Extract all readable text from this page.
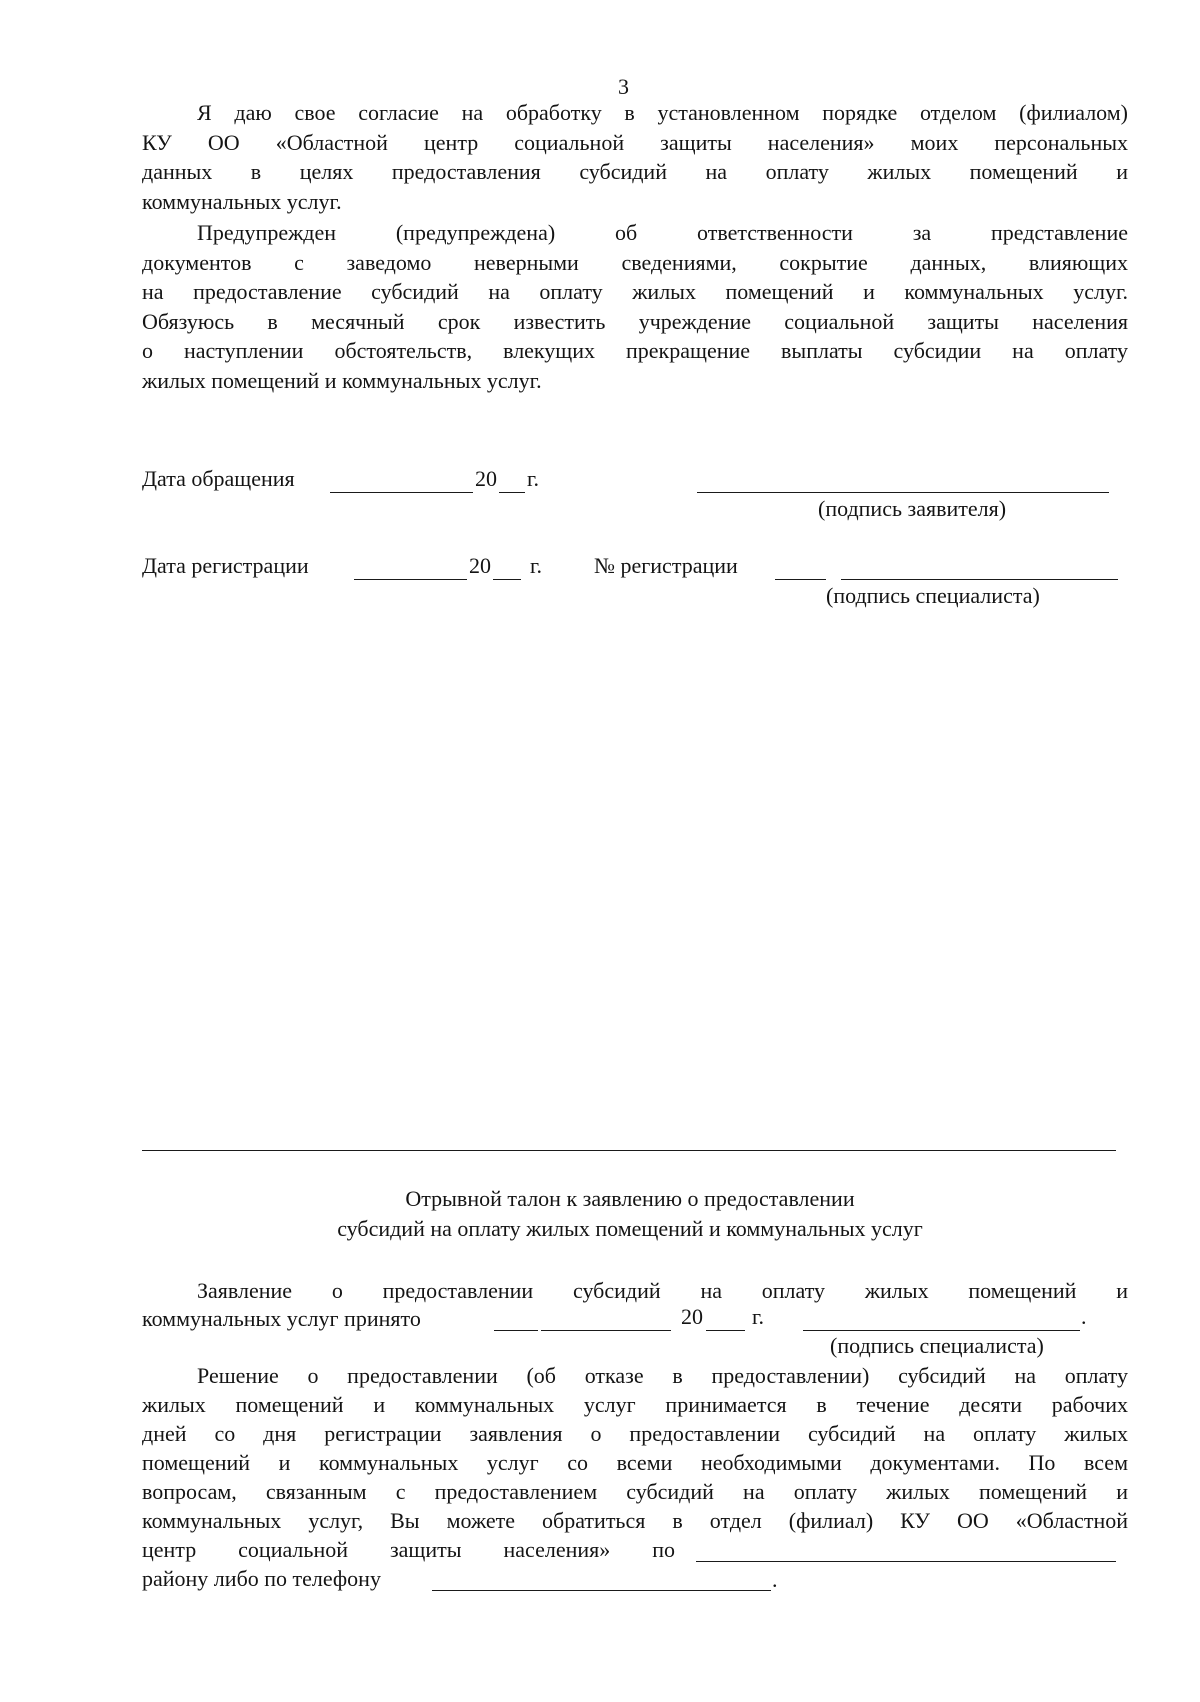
3
Я даю свое согласие на обработку в установленном порядке отделом (филиалом)
КУ ОО «Областной центр социальной защиты населения» моих персональных
данных в целях предоставления субсидий на оплату жилых помещений и
коммунальных услуг.
Предупрежден (предупреждена) об ответственности за представление
документов с заведомо неверными сведениями, сокрытие данных, влияющих
на предоставление субсидий на оплату жилых помещений и коммунальных услуг.
Обязуюсь в месячный срок известить учреждение социальной защиты населения
о наступлении обстоятельств, влекущих прекращение выплаты субсидии на оплату
жилых помещений и коммунальных услуг.
Дата обращения	20 г.
(подпись заявителя)
Дата регистрации	20 г. № регистрации
(подпись специалиста)
Отрывной талон к заявлению о предоставлении
субсидий на оплату жилых помещений и коммунальных услуг
Заявление о предоставлении субсидий на оплату жилых помещений и
коммунальных услуг принято	20 г.	.
(подпись специалиста)
Решение о предоставлении (об отказе в предоставлении) субсидий на оплату
жилых помещений и коммунальных услуг принимается в течение десяти рабочих
дней со дня регистрации заявления о предоставлении субсидий на оплату жилых
помещений и коммунальных услуг со всеми необходимыми документами. По всем
вопросам, связанным с предоставлением субсидий на оплату жилых помещений и
коммунальных услуг, Вы можете обратиться в отдел (филиал) КУ ОО «Областной
центр социальной защиты населения» по
району либо по телефону	.
